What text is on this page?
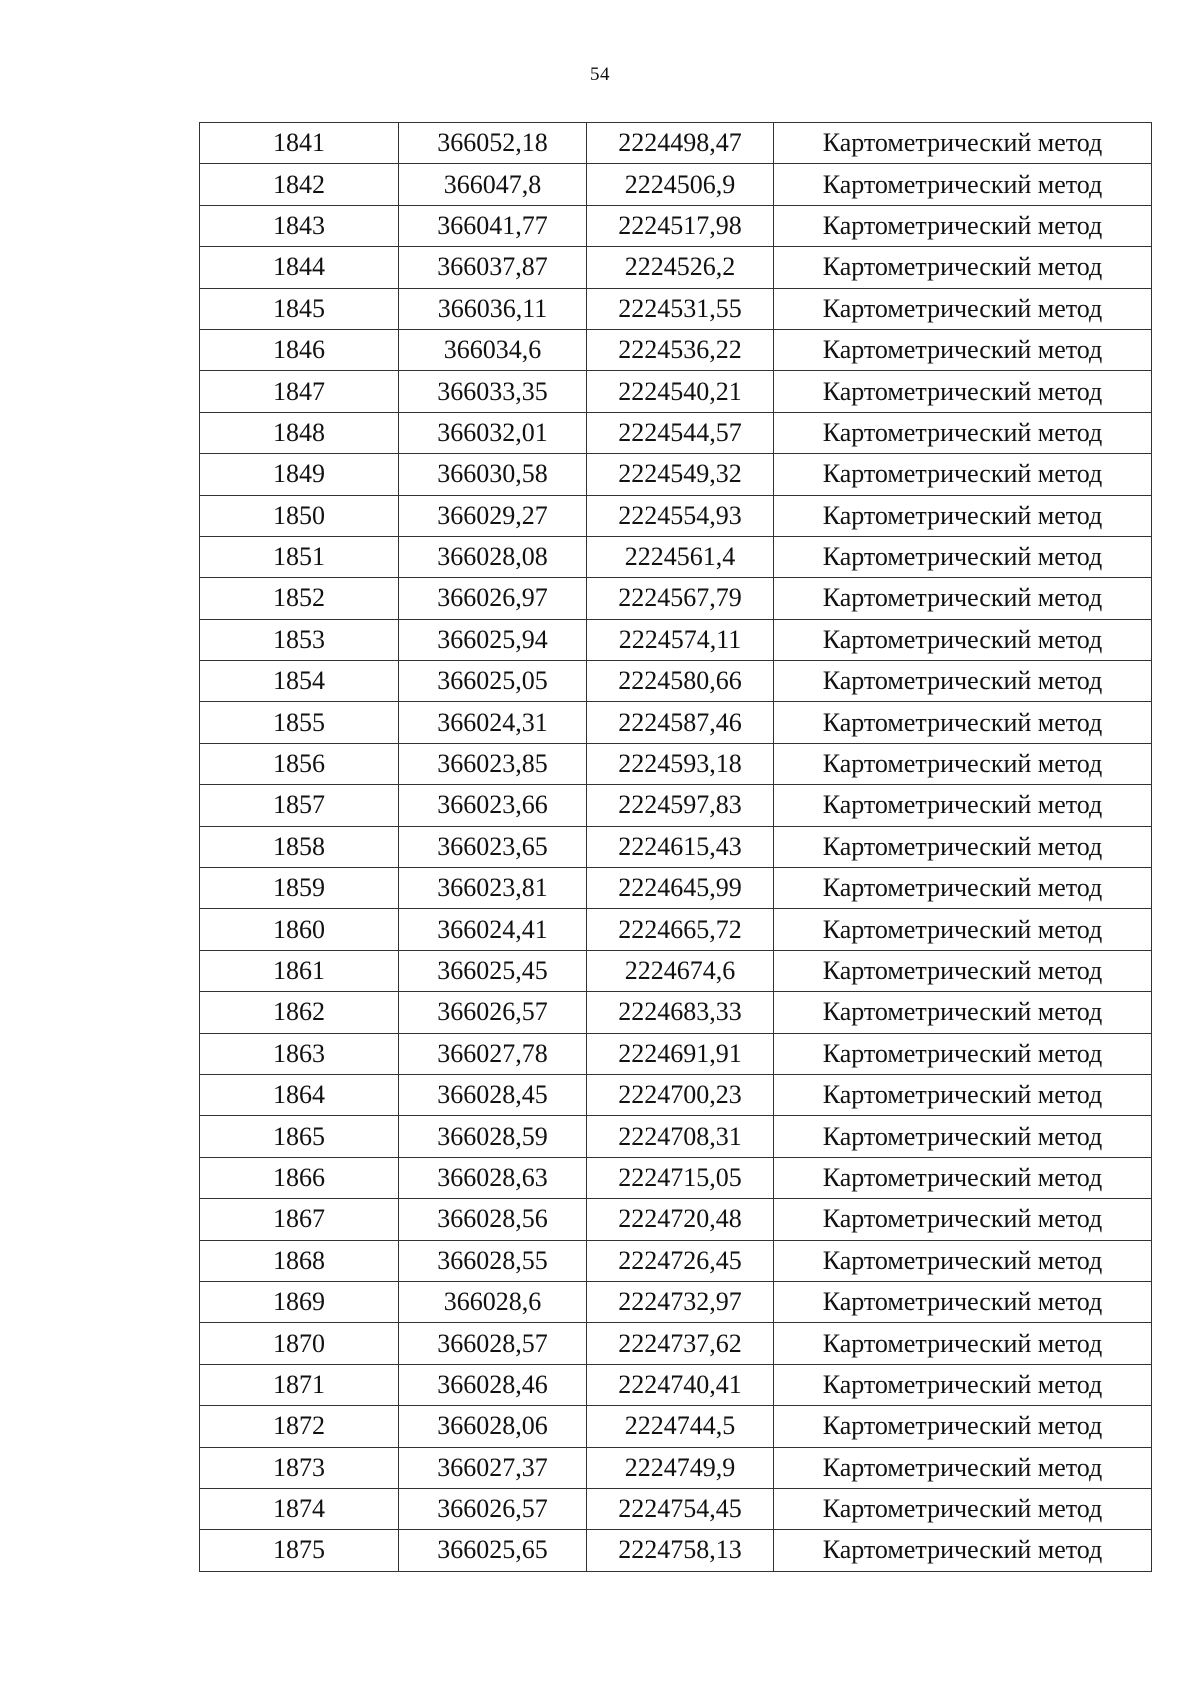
54
1841	366052,18	2224498,47	Картометрический метод
1842	366047,8	2224506,9	Картометрический метод
1843	366041,77	2224517,98	Картометрический метод
1844	366037,87	2224526,2	Картометрический метод
1845	366036,11	2224531,55	Картометрический метод
1846	366034,6	2224536,22	Картометрический метод
1847	366033,35	2224540,21	Картометрический метод
1848	366032,01	2224544,57	Картометрический метод
1849	366030,58	2224549,32	Картометрический метод
1850	366029,27	2224554,93	Картометрический метод
1851	366028,08	2224561,4	Картометрический метод
1852	366026,97	2224567,79	Картометрический метод
1853	366025,94	2224574,11	Картометрический метод
1854	366025,05	2224580,66	Картометрический метод
1855	366024,31	2224587,46	Картометрический метод
1856	366023,85	2224593,18	Картометрический метод
1857	366023,66	2224597,83	Картометрический метод
1858	366023,65	2224615,43	Картометрический метод
1859	366023,81	2224645,99	Картометрический метод
1860	366024,41	2224665,72	Картометрический метод
1861	366025,45	2224674,6	Картометрический метод
1862	366026,57	2224683,33	Картометрический метод
1863	366027,78	2224691,91	Картометрический метод
1864	366028,45	2224700,23	Картометрический метод
1865	366028,59	2224708,31	Картометрический метод
1866	366028,63	2224715,05	Картометрический метод
1867	366028,56	2224720,48	Картометрический метод
1868	366028,55	2224726,45	Картометрический метод
1869	366028,6	2224732,97	Картометрический метод
1870	366028,57	2224737,62	Картометрический метод
1871	366028,46	2224740,41	Картометрический метод
1872	366028,06	2224744,5	Картометрический метод
1873	366027,37	2224749,9	Картометрический метод
1874	366026,57	2224754,45	Картометрический метод
1875	366025,65	2224758,13	Картометрический метод
